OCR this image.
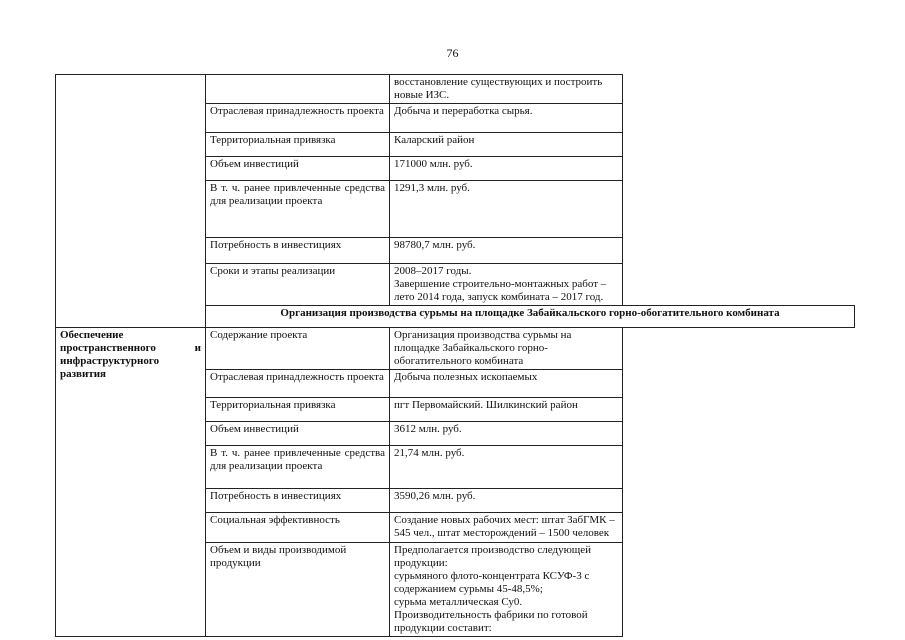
76
		восстановление существующих и построить новые ИЗС.
	Отраслевая принадлежность проекта	Добыча и переработка сырья.
	Территориальная привязка	Каларский район
	Объем инвестиций	171000 млн. руб.
	В т. ч. ранее привлеченные средства для реализации проекта	1291,3 млн. руб.
	Потребность в инвестициях	98780,7 млн. руб.
	Сроки и этапы реализации	2008–2017 годы.
Завершение строительно-монтажных работ – лето 2014 года, запуск комбината – 2017 год.

	Организация производства сурьмы на площадке Забайкальского горно-обогатительного комбината	
Обеспечение пространственного и инфраструктурного развития	Содержание проекта	Организация производства сурьмы на площадке Забайкальского горно-обогатительного комбината
	Отраслевая принадлежность проекта	Добыча полезных ископаемых
	Территориальная привязка	пгт Первомайский. Шилкинский район
	Объем инвестиций	3612 млн. руб.
	В т. ч. ранее привлеченные средства для реализации проекта	21,74 млн. руб.
	Потребность в инвестициях	3590,26 млн. руб.
	Социальная эффективность	Создание новых рабочих мест: штат ЗабГМК – 545 чел., штат месторождений – 1500 человек
	Объем и виды производимой продукции	Предполагается производство следующей продукции:
сурьмяного флото-концентрата КСУФ-3 с содержанием сурьмы 45-48,5%;
сурьма металлическая Су0.
Производительность фабрики по готовой продукции составит:
